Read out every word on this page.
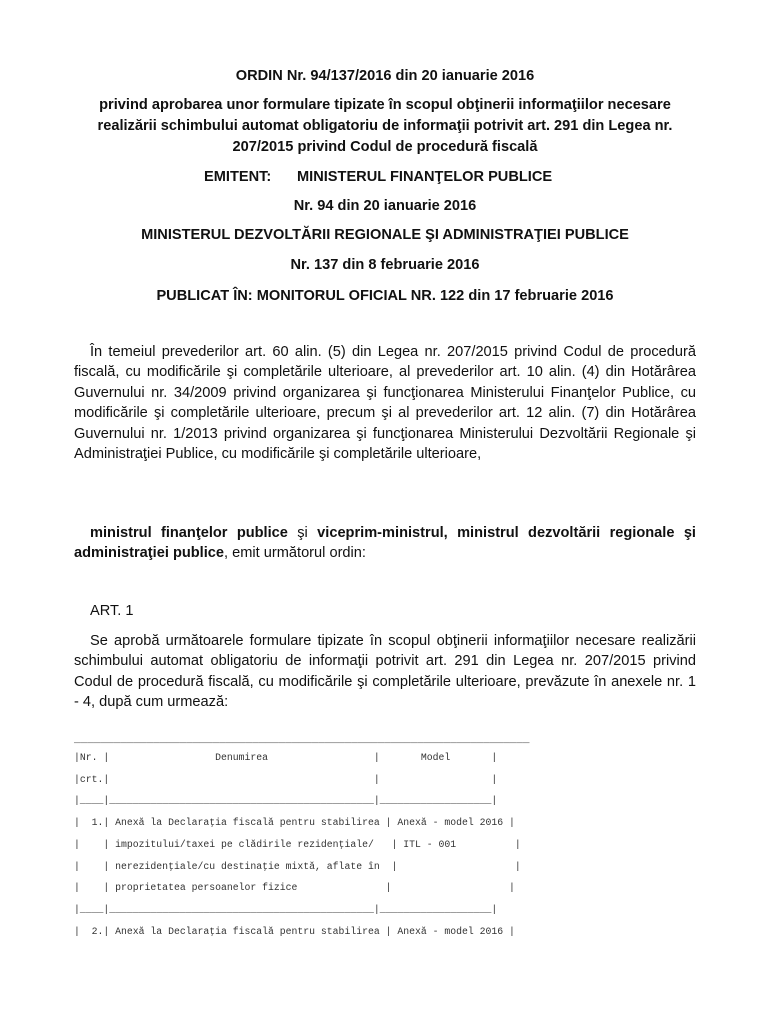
ORDIN Nr. 94/137/2016 din 20 ianuarie 2016
privind aprobarea unor formulare tipizate în scopul obţinerii informaţiilor necesare
realizării schimbului automat obligatoriu de informaţii potrivit art. 291 din Legea nr.
207/2015 privind Codul de procedură fiscală
EMITENT: MINISTERUL FINANŢELOR PUBLICE
Nr. 94 din 20 ianuarie 2016
MINISTERUL DEZVOLTĂRII REGIONALE ŞI ADMINISTRAŢIEI PUBLICE
Nr. 137 din 8 februarie 2016
PUBLICAT ÎN: MONITORUL OFICIAL NR. 122 din 17 februarie 2016
În temeiul prevederilor art. 60 alin. (5) din Legea nr. 207/2015 privind Codul de procedură fiscală, cu modificările şi completările ulterioare, al prevederilor art. 10 alin. (4) din Hotărârea Guvernului nr. 34/2009 privind organizarea şi funcţionarea Ministerului Finanţelor Publice, cu modificările şi completările ulterioare, precum şi al prevederilor art. 12 alin. (7) din Hotărârea Guvernului nr. 1/2013 privind organizarea şi funcţionarea Ministerului Dezvoltării Regionale şi Administraţiei Publice, cu modificările şi completările ulterioare,
ministrul finanţelor publice şi viceprim-ministrul, ministrul dezvoltării regionale şi administraţiei publice, emit următorul ordin:
ART. 1
Se aprobă următoarele formulare tipizate în scopul obţinerii informaţiilor necesare realizării schimbului automat obligatoriu de informaţii potrivit art. 291 din Legea nr. 207/2015 privind Codul de procedură fiscală, cu modificările şi completările ulterioare, prevăzute în anexele nr. 1 - 4, după cum urmează:
_____________________________________________________________________
|Nr. |                  Denumirea                  |       Model       |
|crt.|                                             |                   |
|____|_____________________________________________|___________________|
|  1.| Anexă la Declaraţia fiscală pentru stabilirea | Anexă - model 2016 |
|    | impozitului/taxei pe clădirile rezidenţiale/   | ITL - 001          |
|    | nerezidenţiale/cu destinaţie mixtă, aflate în  |                    |
|    | proprietatea persoanelor fizice               |                    |
|____|_____________________________________________|___________________|
|  2.| Anexă la Declaraţia fiscală pentru stabilirea | Anexă - model 2016 |
